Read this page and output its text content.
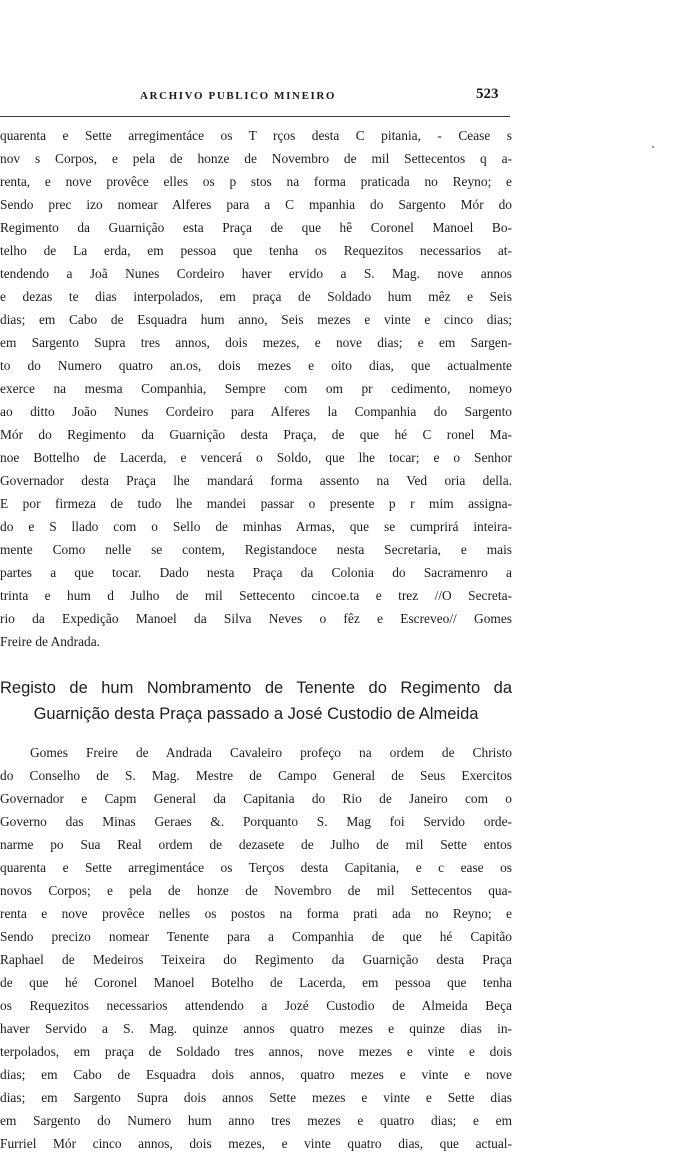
ARCHIVO PUBLICO MINEIRO	523
quarenta e Sette arregimentáce os T rços desta C pitania, - Cease s
nov s Corpos, e pela de honze de Novembro de mil Settecentos q a-
renta, e nove provêce elles os p stos na forma praticada no Reyno; e
Sendo prec izo nomear Alferes para a C mpanhia do Sargento Mór do
Regimento da Guarnição esta Praça de que hê Coronel Manoel Bo-
telho de La erda, em pessoa que tenha os Requezitos necessarios at-
tendendo a Joã Nunes Cordeiro haver ervido a S. Mag. nove annos
e dezas te dias interpolados, em praça de Soldado hum mêz e Seis
dias; em Cabo de Esquadra hum anno, Seis mezes e vinte e cinco dias;
em Sargento Supra tres annos, dois mezes, e nove dias; e em Sargen-
to do Numero quatro an.os, dois mezes e oito dias, que actualmente
exerce na mesma Companhia, Sempre com om pr cedimento, nomeyo
ao ditto João Nunes Cordeiro para Alferes la Companhia do Sargento
Mór do Regimento da Guarnição desta Praça, de que hé C ronel Ma-
noe Bottelho de Lacerda, e vencerá o Soldo, que lhe tocar; e o Senhor
Governador desta Praça lhe mandará forma assento na Ved oria della.
E por firmeza de tudo lhe mandei passar o presente p r mim assigna-
do e S llado com o Sello de minhas Armas, que se cumprirá inteira-
mente Como nelle se contem, Registandoce nesta Secretaria, e mais
partes a que tocar. Dado nesta Praça da Colonia do Sacramenro a
trinta e hum d Julho de mil Settecento cincoe.ta e trez //O Secreta-
rio da Expedição Manoel da Silva Neves o fêz e Escreveo// Gomes
Freire de Andrada.
Registo de hum Nombramento de Tenente do Regimento da
Guarnição desta Praça passado a José Custodio de Almeida
Gomes Freire de Andrada Cavaleiro profeço na ordem de Christo
do Conselho de S. Mag. Mestre de Campo General de Seus Exercitos
Governador e Capm General da Capitania do Rio de Janeiro com o
Governo das Minas Geraes &. Porquanto S. Mag foi Servido orde-
narme po Sua Real ordem de dezasete de Julho de mil Sette entos
quarenta e Sette arregimentáce os Terços desta Capitania, e c ease os
novos Corpos; e pela de honze de Novembro de mil Settecentos qua-
renta e nove provêce nelles os postos na forma prati ada no Reyno; e
Sendo precizo nomear Tenente para a Companhia de que hé Capitão
Raphael de Medeiros Teixeira do Regimento da Guarnição desta Praça
de que hé Coronel Manoel Botelho de Lacerda, em pessoa que tenha
os Requezitos necessarios attendendo a Jozé Custodio de Almeida Beça
haver Servido a S. Mag. quinze annos quatro mezes e quinze dias in-
terpolados, em praça de Soldado tres annos, nove mezes e vinte e dois
dias; em Cabo de Esquadra dois annos, quatro mezes e vinte e nove
dias; em Sargento Supra dois annos Sette mezes e vinte e Sette dias
em Sargento do Numero hum anno tres mezes e quatro dias; e em
Furriel Mór cinco annos, dois mezes, e vinte quatro dias, que actual-
